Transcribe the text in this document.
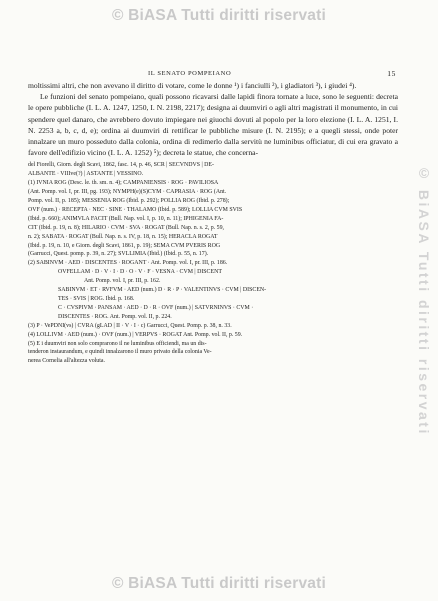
© BiASA Tutti diritti riservati
© BiASA Tutti diritti riservati
IL SENATO POMPEIANO	15

moltissimi altri, che non avevano il diritto di votare, come le donne ¹) i fanciulli ²), i gladiatori ³), i giudei ⁴).

Le funzioni del senato pompeiano, quali possono ricavarsi dalle lapidi finora tornate a luce, sono le seguenti: decreta le opere pubbliche (I. L. A. 1247, 1250, I. N. 2198, 2217); designa ai duumviri o agli altri magistrati il monumento, in cui spendere quel danaro, che avrebbero dovuto impiegare nei giuochi dovuti al popolo per la loro elezione (I. L. A. 1251, I. N. 2253 a, b, c, d, e); ordina ai duumviri di rettificar le pubbliche misure (I. N. 2195); e a quegli stessi, onde poter innalzare un muro posseduto dalla colonia, ordina di redimerlo dalla servitù ne luminibus officiatur, di cui era gravato a favore dell'edifizio vicino (I. L. A. 1252) ⁵); decreta le statue, che concerna-

del Fiorelli, Giorn. degli Scavi, 1862, fasc. 14, p. 46, SCR | SECVNDVS | DE-

ALBANTE · VIIIve(?) | ASTANTE | VESSINO.

(1) IVNIA ROG (Desc. le. th. sm. n. 4); CAMPANIENSIS · ROG · PAVILIOSA

(Ant. Pomp. vol. I, pr. III, pg. 193); NYMPH(e)(S)CYM · CAPRASIA · ROG (Ant.

Pomp. vol. II, p. 185); MESSENIA ROG (Ibid. p. 292); POLLIA ROG (Ibid. p. 278);

OVF (num.) · RECEPTA · NEC · SINE · THALAMO (Ibid. p. 589); LOLLIA CVM SVIS

(Ibid. p. 660); ANIMVLA FACIT (Bull. Nap. vol. I, p. 10, n. 11); IPHIGENIA FA-

CIT (Ibid. p. 19, n. 8); HILARIO · CVM · SVA · ROGAT (Bull. Nap. n. s. 2, p. 59,

n. 2); SABATA · ROGAT (Bull. Nap. n. s. IV, p. 18, n. 15); HERACLA ROGAT

(Ibid. p. 19, n. 10, e Giorn. degli Scavi, 1861, p. 19); SEMA CVM PVERIS ROG

(Garrucci, Quest. pomp. p. 39, n. 27); SVLLIMIA (Ibid.) (Ibid. p. 55, n. 17).

(2) SABINVM · AED · DISCENTES · ROGANT · Ant. Pomp. vol. I, pr. III, p. 186.

OVFELLAM · D · V · I · D · O · V · F · VESNA · CVM | DISCENT

Ant. Pomp. vol. I, pr. III, p. 162.

SABINVM · ET · RVFVM · AED (num.) D · R · P · VALENTINVS · CVM | DISCEN-

TES · SVIS | ROG. Ibid. p. 168.

C · CVSPIVM · PANSAM · AED · D · R · OVF (num.) | SATVRNINVS · CVM ·

DISCENTES · ROG. Ant. Pomp. vol. II, p. 224.

(3) P · VePDNI(vs) | CVRA (gLAD | II · V · I · c) Garrucci, Quest. Pomp. p. 38, n. 33.

(4) LOLLIVM · AED (num.) · OVF (num.) | VERPVS · ROGAT Ant. Pomp. vol. II, p. 59.

(5) E i duumviri non solo comprarono il ne luminibus officiendi, ma un dis-

tenderon instaurandum, e quindi innalzarono il muro privato della colonia Ve-

nerea Cornelia all'altezza voluta.

© BiASA Tutti diritti riservati
